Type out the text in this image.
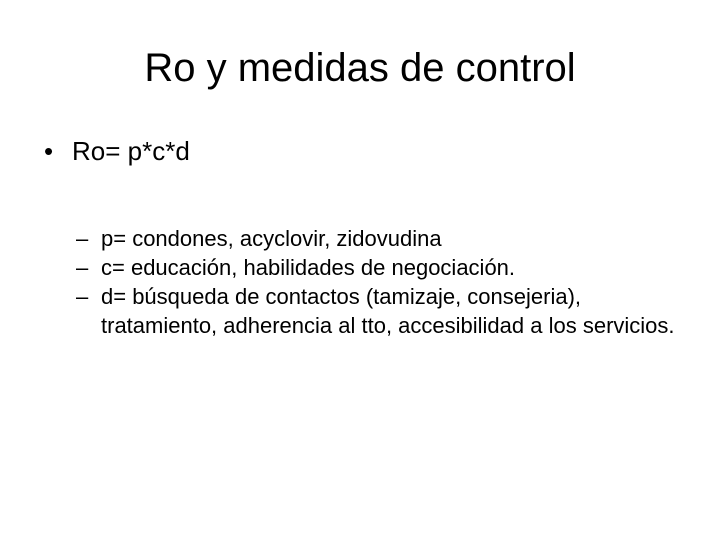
Ro y medidas de control
• Ro= p*c*d
– p= condones, acyclovir, zidovudina
– c= educación, habilidades de negociación.
– d= búsqueda de contactos (tamizaje, consejeria), tratamiento, adherencia al tto, accesibilidad a los servicios.
